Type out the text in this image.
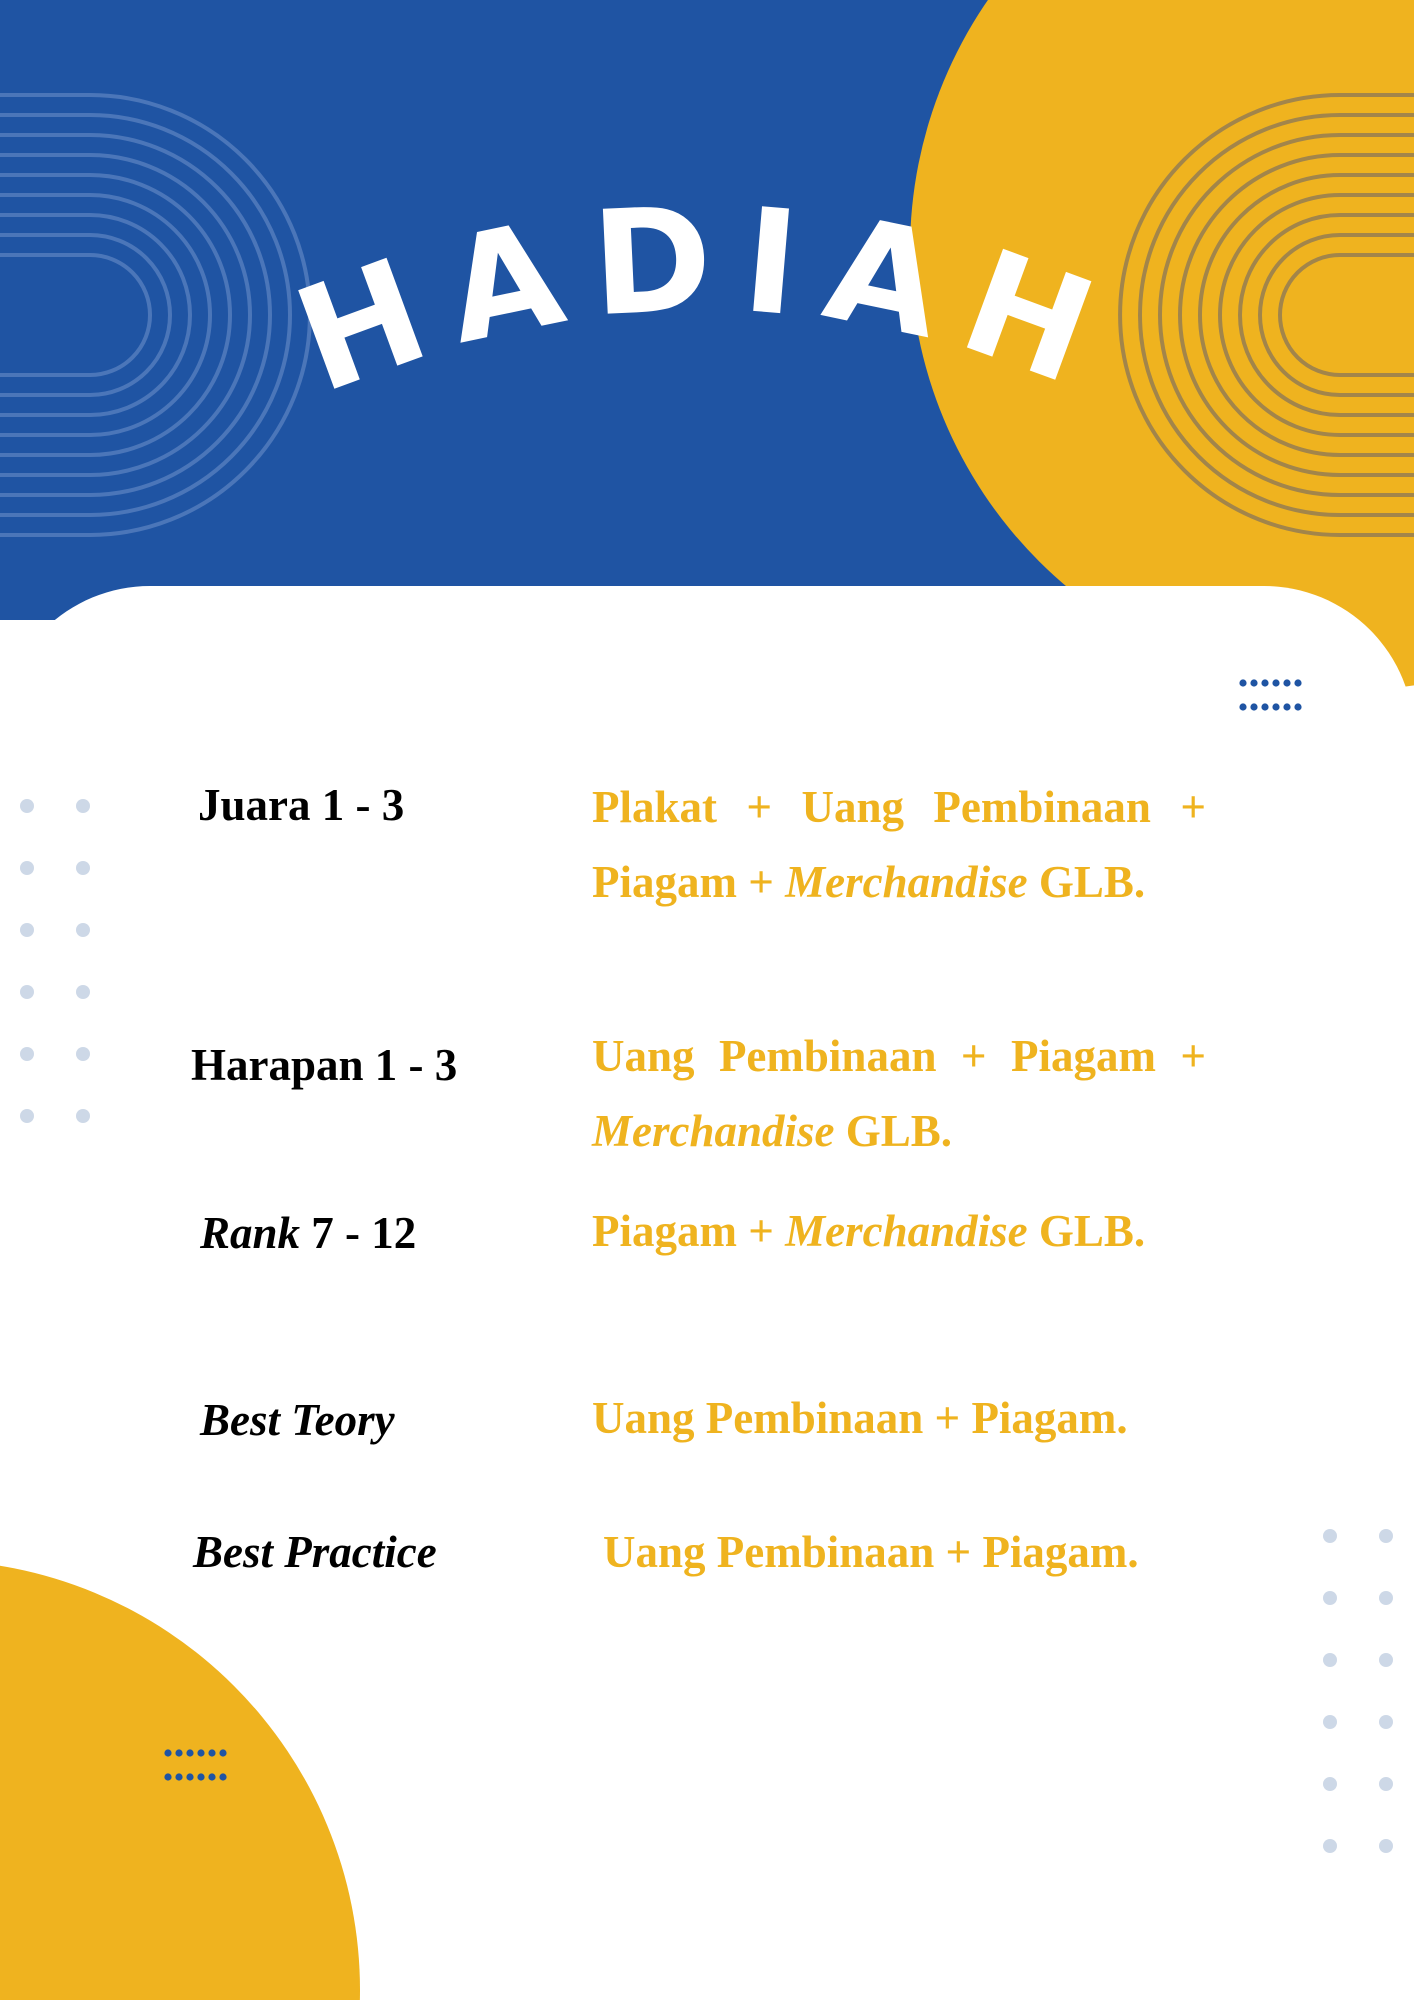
HADIAH
Juara 1 - 3	Plakat + Uang Pembinaan + Piagam + Merchandise GLB.
Harapan 1 - 3	Uang Pembinaan + Piagam + Merchandise GLB.
Rank 7 - 12	Piagam + Merchandise GLB.
Best Teory	Uang Pembinaan + Piagam.
Best Practice	Uang Pembinaan + Piagam.
